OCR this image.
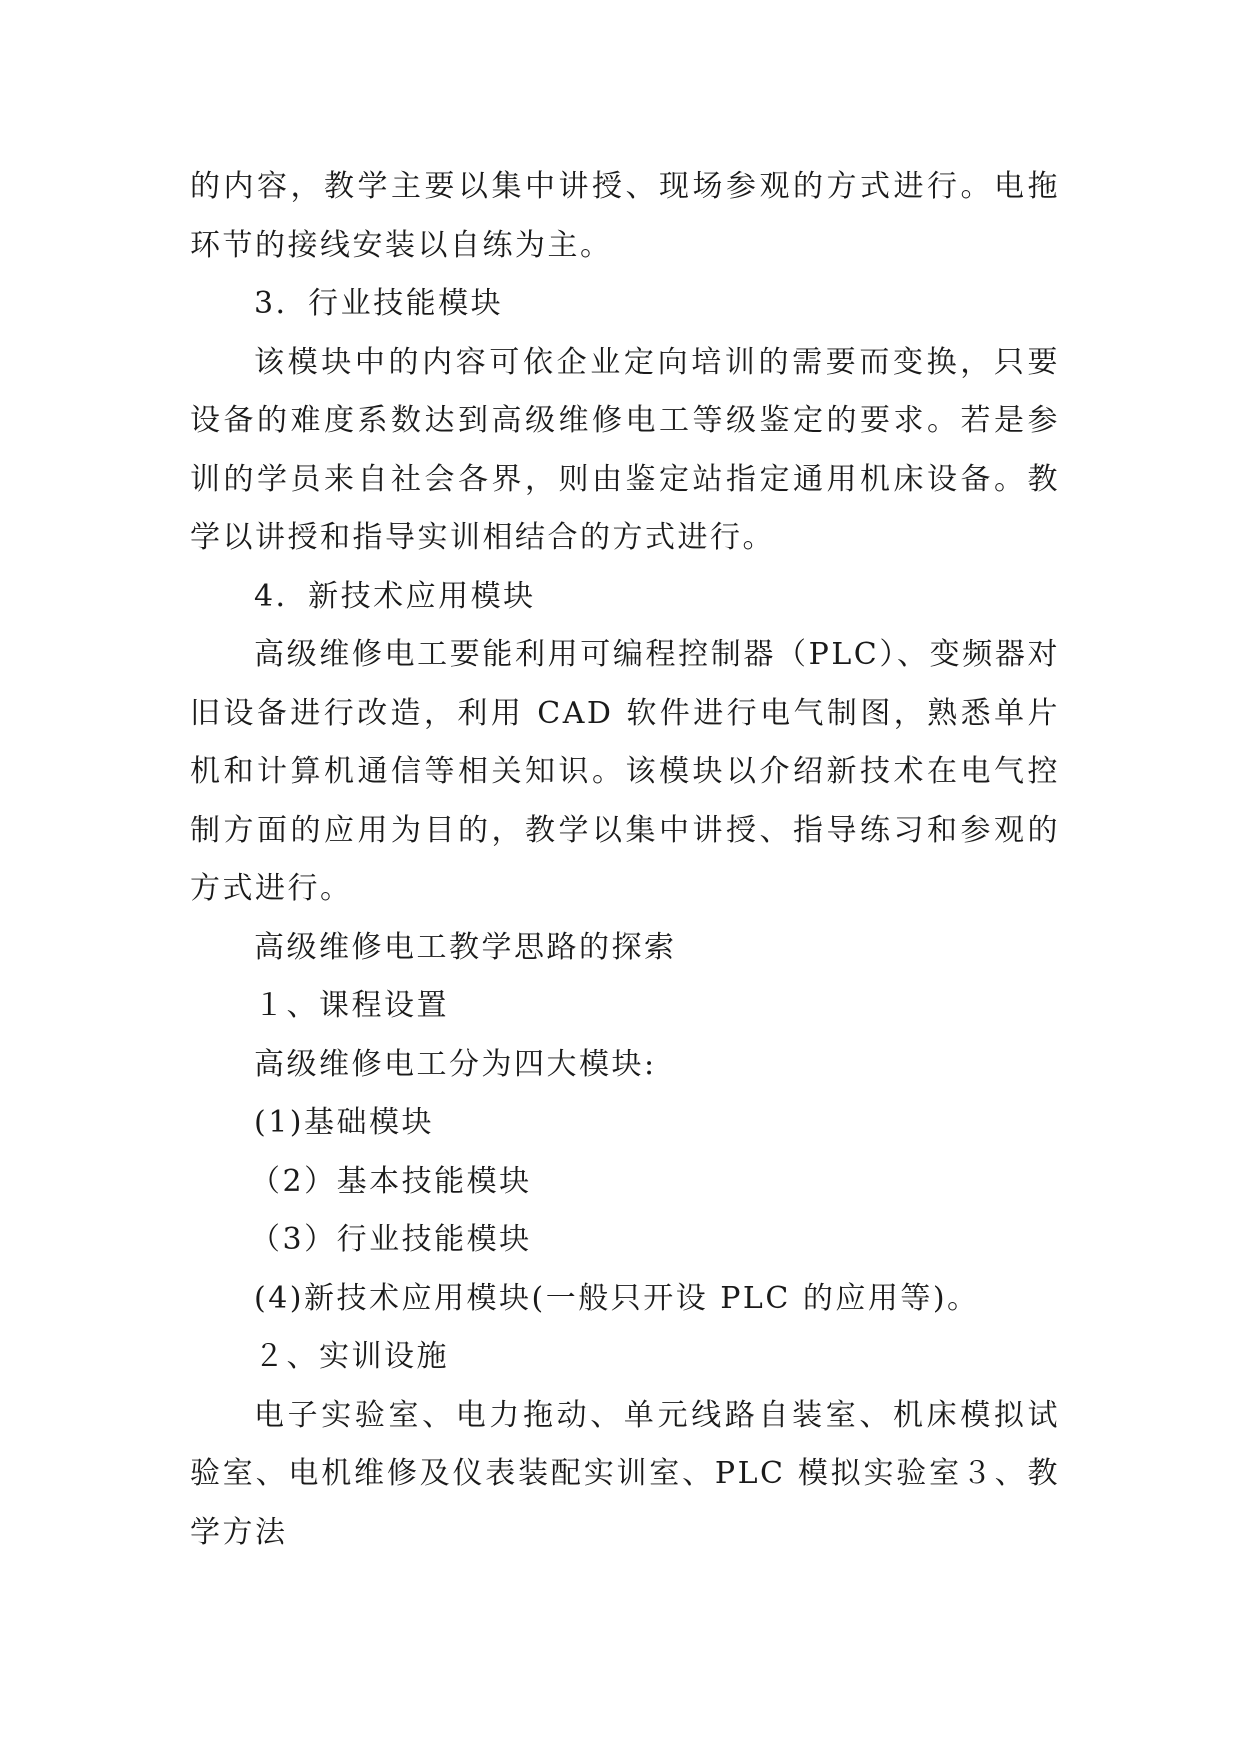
的内容，教学主要以集中讲授、现场参观的方式进行。电拖环节的接线安装以自练为主。

3．行业技能模块

该模块中的内容可依企业定向培训的需要而变换，只要设备的难度系数达到高级维修电工等级鉴定的要求。若是参训的学员来自社会各界，则由鉴定站指定通用机床设备。教学以讲授和指导实训相结合的方式进行。

4．新技术应用模块

高级维修电工要能利用可编程控制器（PLC）、变频器对旧设备进行改造，利用 CAD 软件进行电气制图，熟悉单片机和计算机通信等相关知识。该模块以介绍新技术在电气控制方面的应用为目的，教学以集中讲授、指导练习和参观的方式进行。

高级维修电工教学思路的探索

１、课程设置

高级维修电工分为四大模块:

(1)基础模块

（2）基本技能模块

（3）行业技能模块

(4)新技术应用模块(一般只开设 PLC 的应用等)。

２、实训设施

电子实验室、电力拖动、单元线路自装室、机床模拟试验室、电机维修及仪表装配实训室、PLC 模拟实验室３、教学方法
